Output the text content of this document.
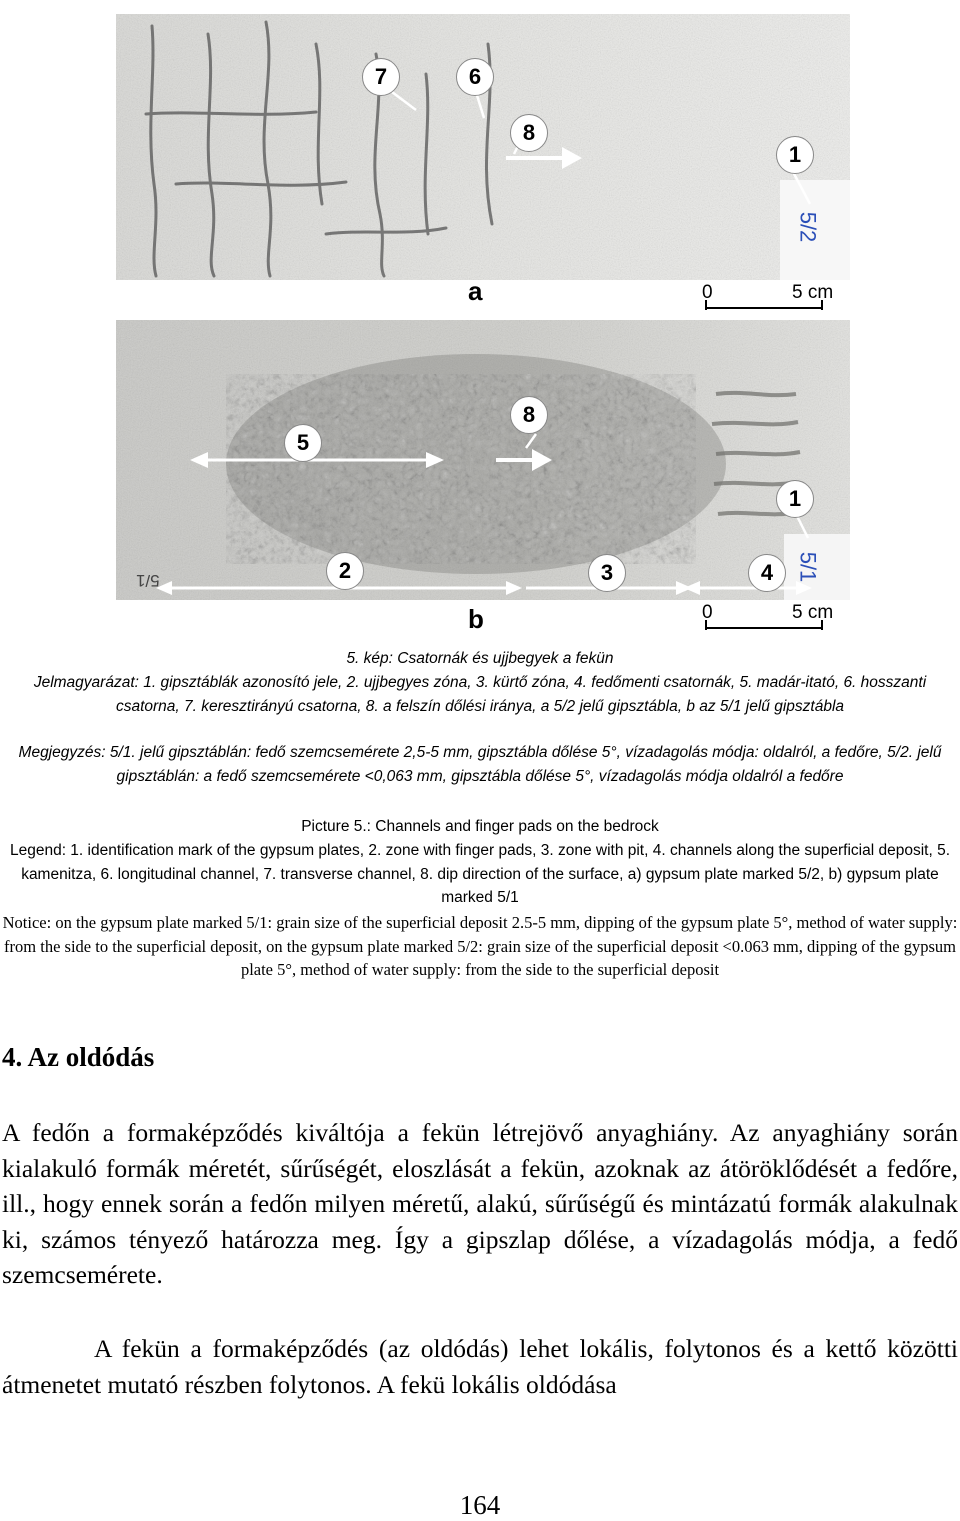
a
b
0	5 cm
0	5 cm
5/2
5/1
5/1
7	6
8
1
5
8
1
2	3	4
5. kép: Csatornák és ujjbegyek a fekün
Jelmagyarázat: 1. gipsztáblák azonosító jele, 2. ujjbegyes zóna, 3. kürtő zóna, 4. fedőmenti csatornák, 5. madár-itató, 6. hosszanti csatorna, 7. keresztirányú csatorna, 8. a felszín dőlési iránya, a 5/2 jelű gipsztábla, b az 5/1 jelű gipsztábla
Megjegyzés: 5/1. jelű gipsztáblán: fedő szemcsemérete 2,5-5 mm, gipsztábla dőlése 5°, vízadagolás módja: oldalról, a fedőre, 5/2. jelű gipsztáblán: a fedő szemcsemérete <0,063 mm, gipsztábla dőlése 5°, vízadagolás módja oldalról a fedőre
Picture 5.: Channels and finger pads on the bedrock
Legend: 1. identification mark of the gypsum plates, 2. zone with finger pads, 3. zone with pit, 4. channels along the superficial deposit, 5. kamenitza, 6. longitudinal channel, 7. transverse channel, 8. dip direction of the surface, a) gypsum plate marked 5/2, b) gypsum plate marked 5/1
Notice: on the gypsum plate marked 5/1: grain size of the superficial deposit 2.5-5 mm, dipping of the gypsum plate 5°, method of water supply: from the side to the superficial deposit, on the gypsum plate marked 5/2: grain size of the superficial deposit <0.063 mm, dipping of the gypsum plate 5°, method of water supply: from the side to the superficial deposit
4. Az oldódás
A fedőn a formaképződés kiváltója a fekün létrejövő anyaghiány. Az anyaghiány során kialakuló formák méretét, sűrűségét, eloszlását a fekün, azoknak az átöröklődését a fedőre, ill., hogy ennek során a fedőn milyen méretű, alakú, sűrűségű és mintázatú formák alakulnak ki, számos tényező határozza meg. Így a gipszlap dőlése, a vízadagolás módja, a fedő szemcsemérete.
A fekün a formaképződés (az oldódás) lehet lokális, folytonos és a kettő közötti átmenetet mutató részben folytonos. A fekü lokális oldódása
164
